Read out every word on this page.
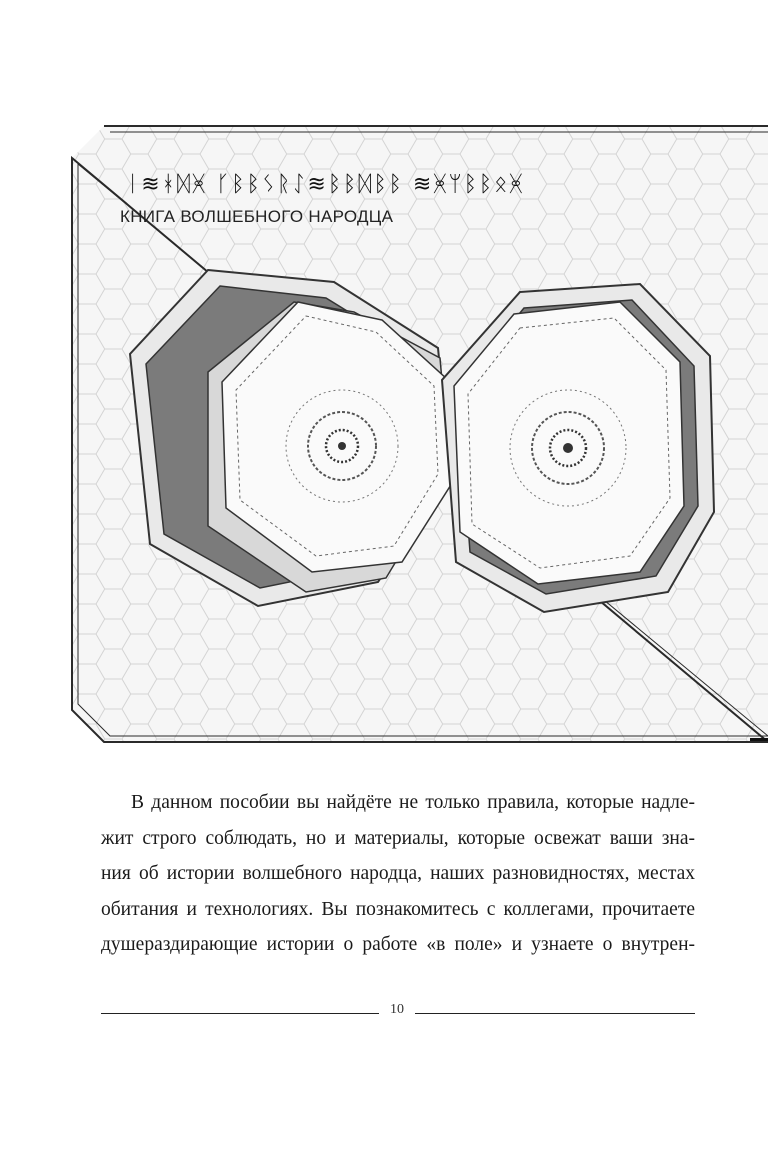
ᛁ≋ᚼᛞᚸ ᚴᛒᛒᛊᚱᛇ≋ᛒᛒᛞᛒᛒ ≋ᚸᛘᛒᛒᛟᚸ
КНИГА ВОЛШЕБНОГО НАРОДЦА
В данном пособии вы найдёте не только правила, которые надле-
жит строго соблюдать, но и материалы, которые освежат ваши зна-
ния об истории волшебного народца, наших разновидностях, местах
обитания и технологиях. Вы познакомитесь с коллегами, прочитаете
душераздирающие истории о работе «в поле» и узнаете о внутрен-
10
